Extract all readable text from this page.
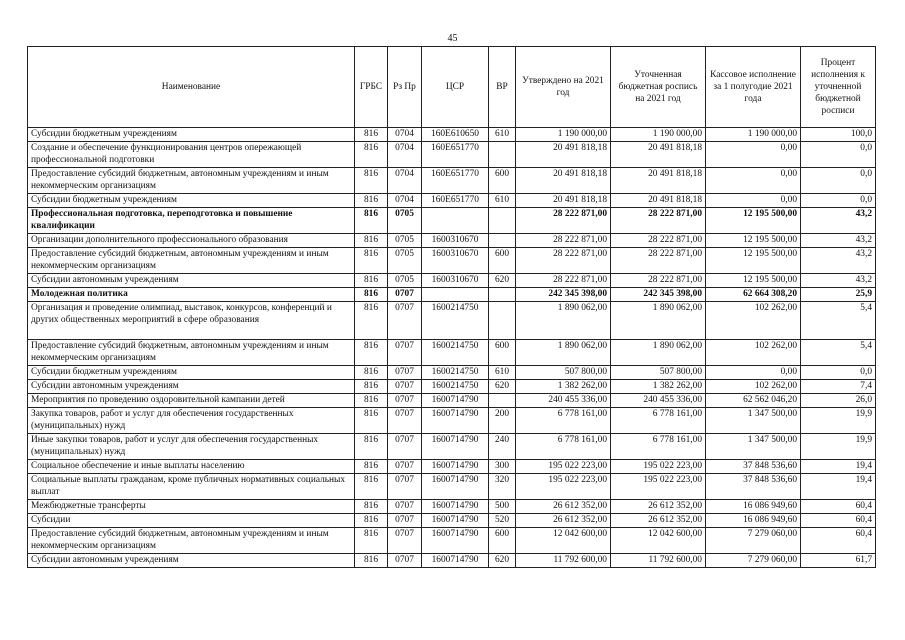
45
Наименование	ГРБС	Рз Пр	ЦСР	ВР	Утверждено на 2021 год	Уточненная бюджетная роспись на 2021 год	Кассовое исполнение за 1 полугодие 2021 года	Процент исполнения к уточненной бюджетной росписи
Субсидии бюджетным учреждениям	816	0704	160Е610650	610	1 190 000,00	1 190 000,00	1 190 000,00	100,0
Создание и обеспечение функционирования центров опережающей профессиональной подготовки	816	0704	160Е651770		20 491 818,18	20 491 818,18	0,00	0,0
Предоставление субсидий бюджетным, автономным учреждениям и иным некоммерческим организациям	816	0704	160Е651770	600	20 491 818,18	20 491 818,18	0,00	0,0
Субсидии бюджетным учреждениям	816	0704	160Е651770	610	20 491 818,18	20 491 818,18	0,00	0,0
Профессиональная подготовка, переподготовка и повышение квалификации	816	0705			28 222 871,00	28 222 871,00	12 195 500,00	43,2
Организации дополнительного профессионального образования	816	0705	1600310670		28 222 871,00	28 222 871,00	12 195 500,00	43,2
Предоставление субсидий бюджетным, автономным учреждениям и иным некоммерческим организациям	816	0705	1600310670	600	28 222 871,00	28 222 871,00	12 195 500,00	43,2
Субсидии автономным учреждениям	816	0705	1600310670	620	28 222 871,00	28 222 871,00	12 195 500,00	43,2
Молодежная политика	816	0707			242 345 398,00	242 345 398,00	62 664 308,20	25,9
Организация и проведение олимпиад, выставок, конкурсов, конференций и других общественных мероприятий в сфере образования	816	0707	1600214750		1 890 062,00	1 890 062,00	102 262,00	5,4
Предоставление субсидий бюджетным, автономным учреждениям и иным некоммерческим организациям	816	0707	1600214750	600	1 890 062,00	1 890 062,00	102 262,00	5,4
Субсидии бюджетным учреждениям	816	0707	1600214750	610	507 800,00	507 800,00	0,00	0,0
Субсидии автономным учреждениям	816	0707	1600214750	620	1 382 262,00	1 382 262,00	102 262,00	7,4
Мероприятия по проведению оздоровительной кампании детей	816	0707	1600714790		240 455 336,00	240 455 336,00	62 562 046,20	26,0
Закупка товаров, работ и услуг для обеспечения государственных (муниципальных) нужд	816	0707	1600714790	200	6 778 161,00	6 778 161,00	1 347 500,00	19,9
Иные закупки товаров, работ и услуг для обеспечения государственных (муниципальных) нужд	816	0707	1600714790	240	6 778 161,00	6 778 161,00	1 347 500,00	19,9
Социальное обеспечение и иные выплаты населению	816	0707	1600714790	300	195 022 223,00	195 022 223,00	37 848 536,60	19,4
Социальные выплаты гражданам, кроме публичных нормативных социальных выплат	816	0707	1600714790	320	195 022 223,00	195 022 223,00	37 848 536,60	19,4
Межбюджетные трансферты	816	0707	1600714790	500	26 612 352,00	26 612 352,00	16 086 949,60	60,4
Субсидии	816	0707	1600714790	520	26 612 352,00	26 612 352,00	16 086 949,60	60,4
Предоставление субсидий бюджетным, автономным учреждениям и иным некоммерческим организациям	816	0707	1600714790	600	12 042 600,00	12 042 600,00	7 279 060,00	60,4
Субсидии автономным учреждениям	816	0707	1600714790	620	11 792 600,00	11 792 600,00	7 279 060,00	61,7
